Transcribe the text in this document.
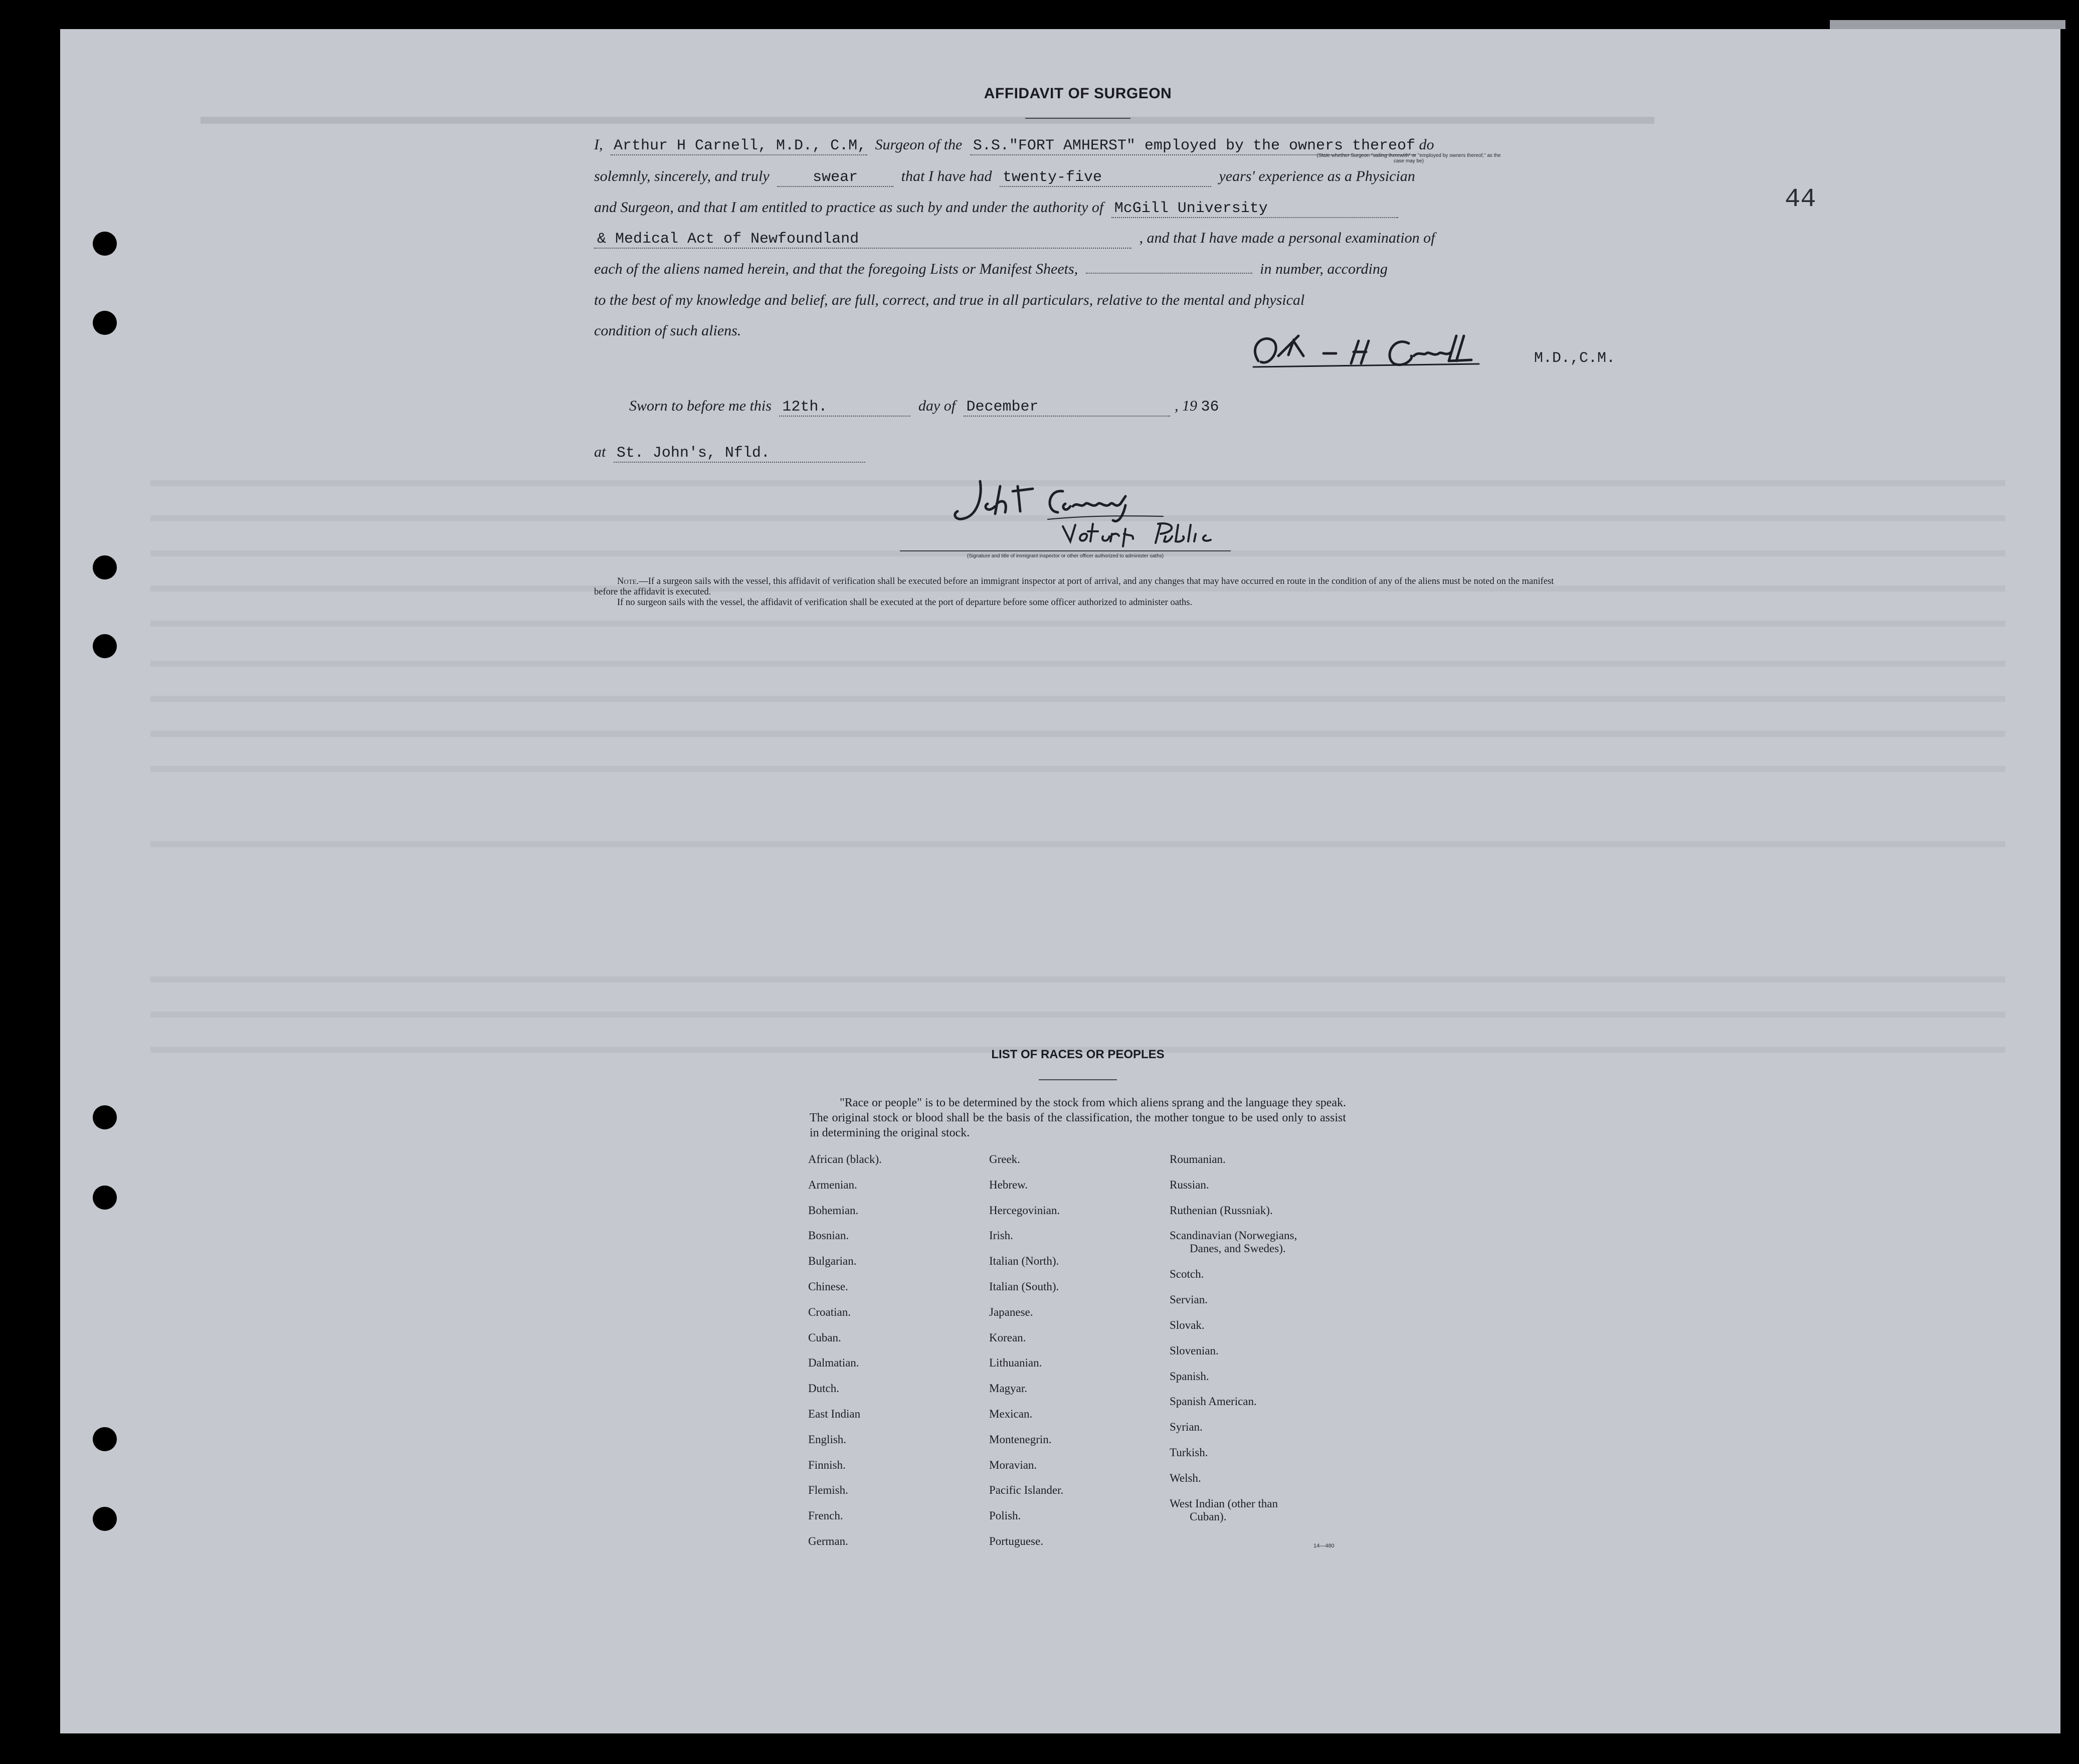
44
AFFIDAVIT OF SURGEON
I, Arthur H Carnell, M.D., C.M, Surgeon of the S.S."FORT AMHERST" employed by the owners thereof do
(State whether Surgeon "sailing therewith" or "employed by owners thereof," as the case may be)
solemnly, sincerely, and truly	swear	that I have had twenty-five	years' experience as a Physician
and Surgeon, and that I am entitled to practice as such by and under the authority of McGill University
& Medical Act of Newfoundland	, and that I have made a personal examination of
each of the aliens named herein, and that the foregoing Lists or Manifest Sheets,	in number, according
to the best of my knowledge and belief, are full, correct, and true in all particulars, relative to the mental and physical
condition of such aliens.
M.D.,C.M.
Sworn to before me this 12th.	day of December	, 19 36
at St. John's, Nfld.
(Signature and title of immigrant inspector or other officer authorized to administer oaths)

Note.—If a surgeon sails with the vessel, this affidavit of verification shall be executed before an immigrant inspector at port of arrival, and any changes that may have occurred en route in the condition of any of the aliens must be noted on the manifest before the affidavit is executed.

If no surgeon sails with the vessel, the affidavit of verification shall be executed at the port of departure before some officer authorized to administer oaths.

LIST OF RACES OR PEOPLES
"Race or people" is to be determined by the stock from which aliens sprang and the language they speak. The original stock or blood shall be the basis of the classification, the mother tongue to be used only to assist in determining the original stock.
African (black).
Armenian.
Bohemian.
Bosnian.
Bulgarian.
Chinese.
Croatian.
Cuban.
Dalmatian.
Dutch.
East Indian
English.
Finnish.
Flemish.
French.
German.
Greek.
Hebrew.
Hercegovinian.
Irish.
Italian (North).
Italian (South).
Japanese.
Korean.
Lithuanian.
Magyar.
Mexican.
Montenegrin.
Moravian.
Pacific Islander.
Polish.
Portuguese.
Roumanian.
Russian.
Ruthenian (Russniak).
Scandinavian (Norwegians,
Danes, and Swedes).
Scotch.
Servian.
Slovak.
Slovenian.
Spanish.
Spanish American.
Syrian.
Turkish.
Welsh.
West Indian (other than
Cuban).
14—480
